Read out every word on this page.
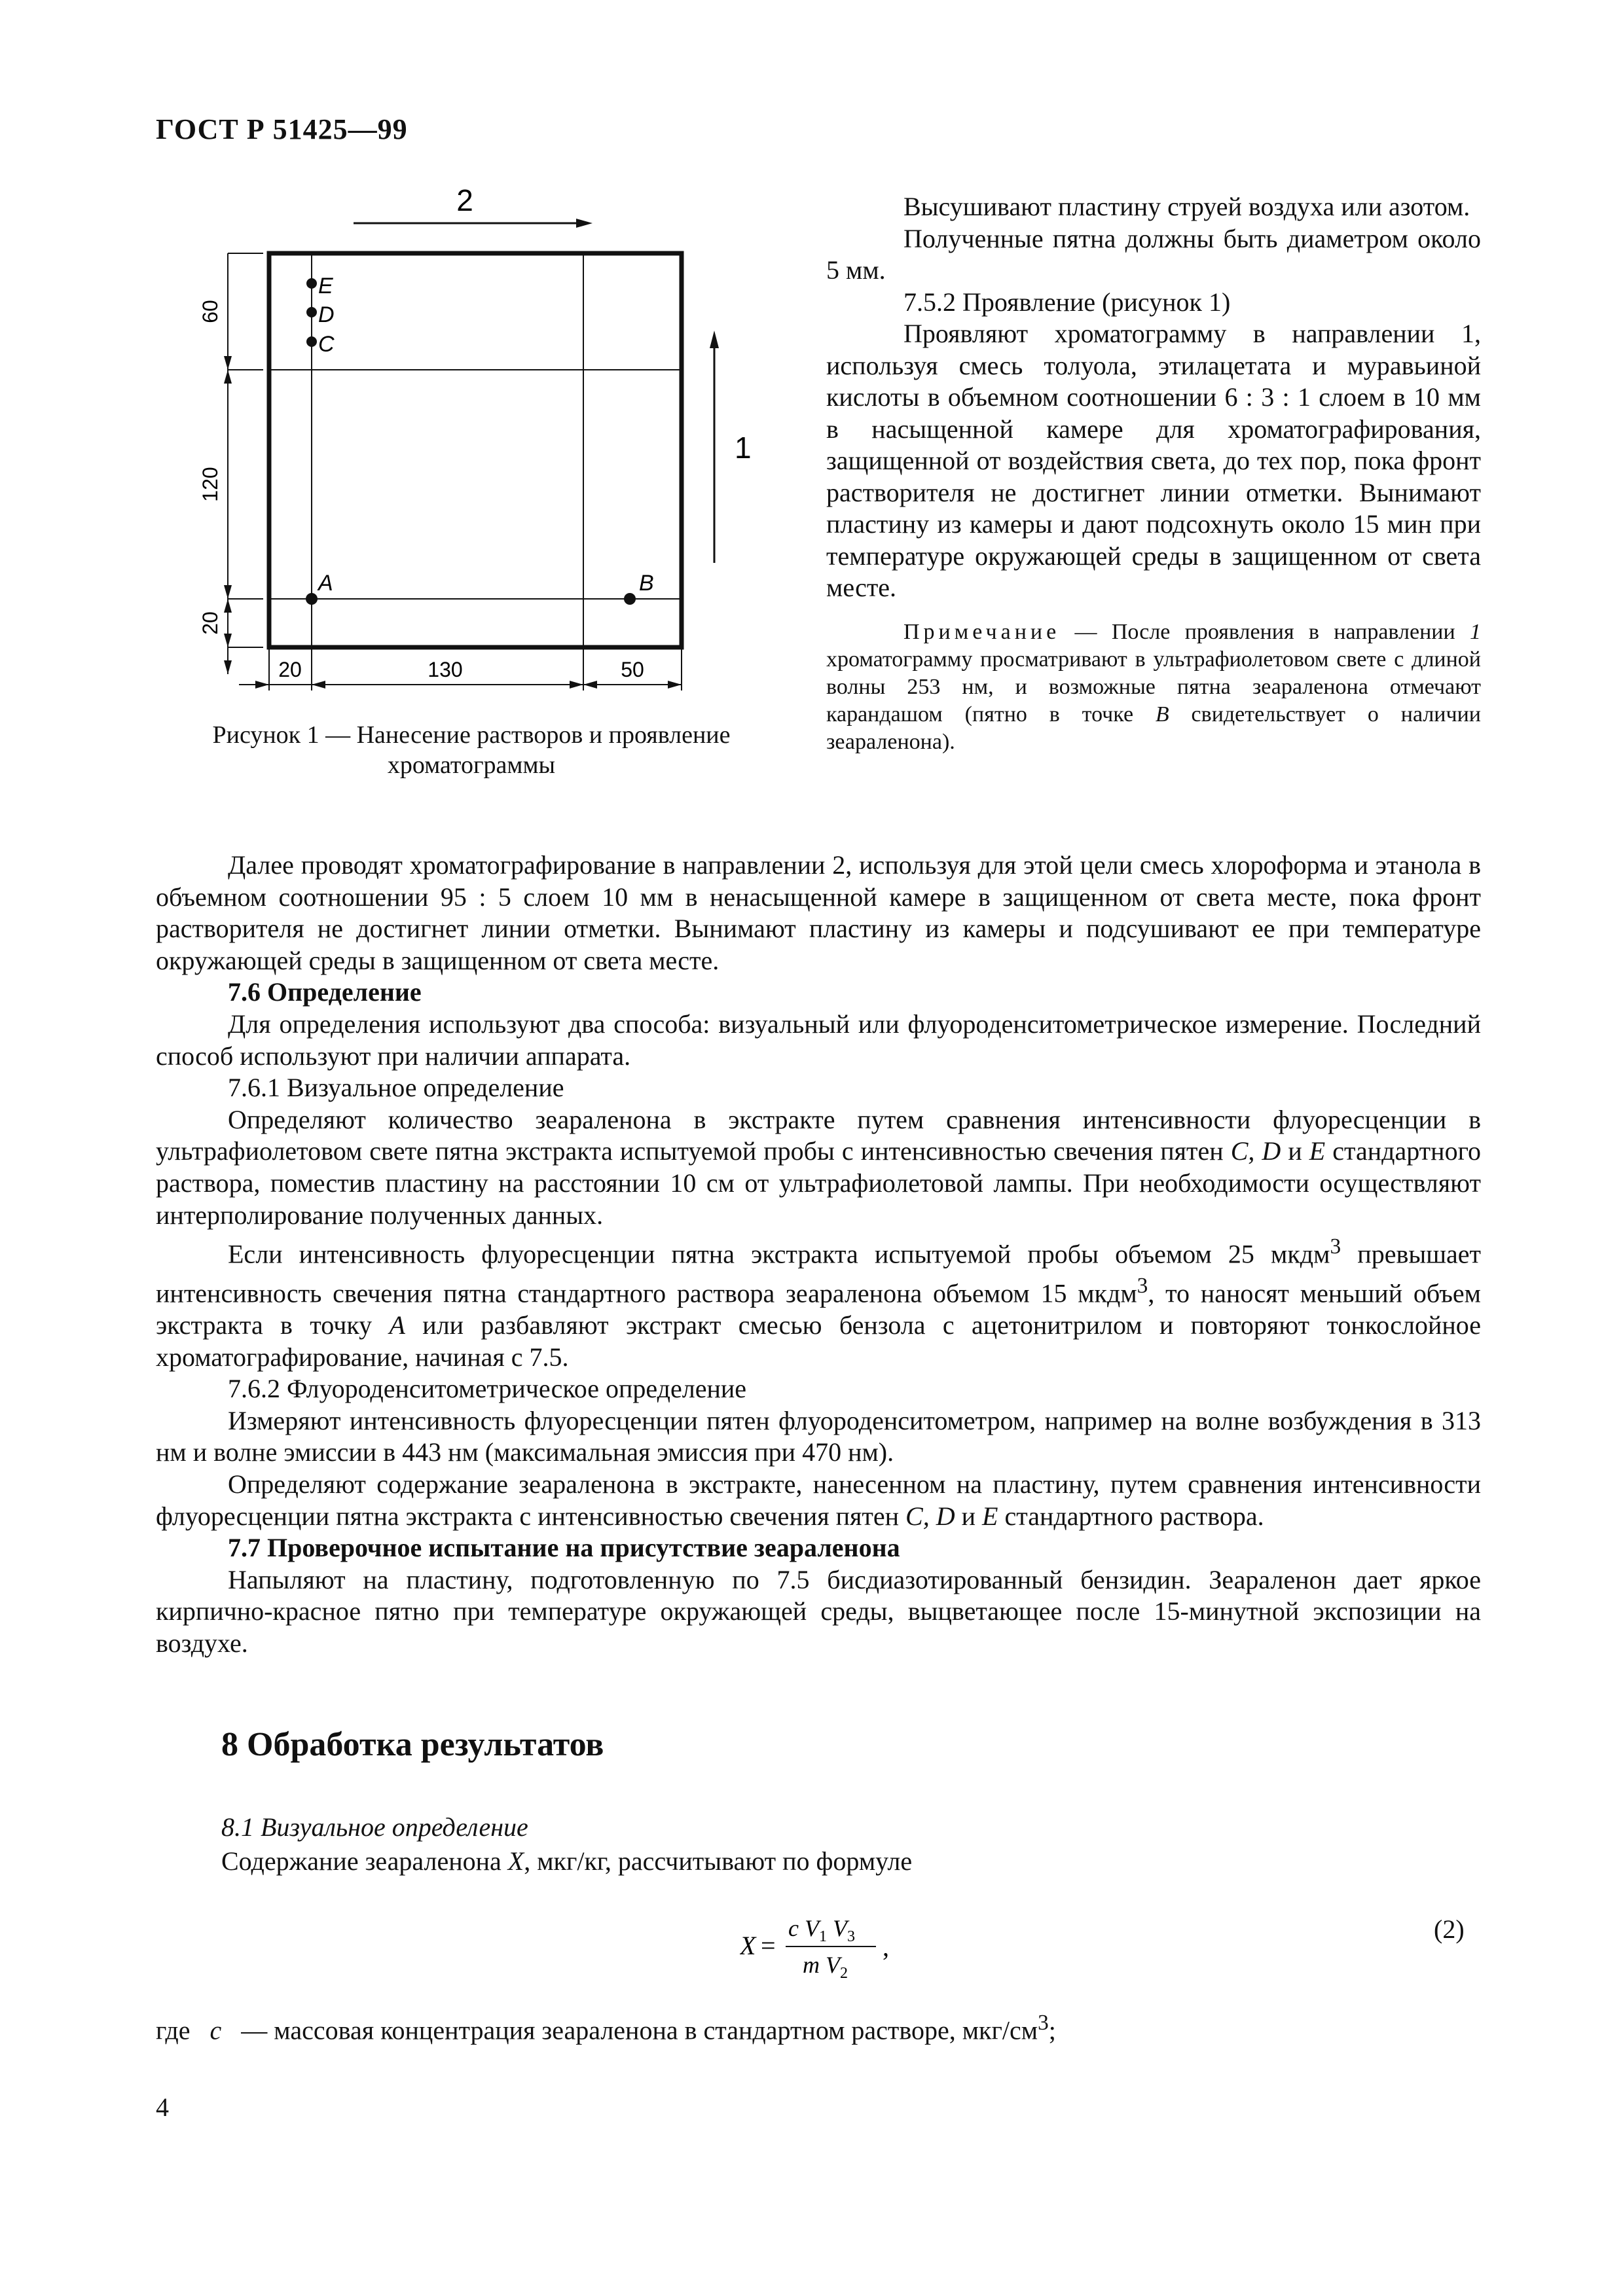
ГОСТ Р 51425—99
2
E
D
C
A	B
1
60
120
20
20	130	50
Рисунок 1 — Нанесение растворов и проявление хроматограммы

Высушивают пластину струей воздуха или азотом.

Полученные пятна должны быть диаметром около 5 мм.

7.5.2 Проявление (рисунок 1)

Проявляют хроматограмму в направлении 1, используя смесь толуола, этилацетата и муравьиной кислоты в объемном соотношении 6 : 3 : 1 слоем в 10 мм в насыщенной камере для хроматографирования, защищенной от воздействия света, до тех пор, пока фронт растворителя не достигнет линии отметки. Вынимают пластину из камеры и дают подсохнуть около 15 мин при температуре окружающей среды в защищенном от света месте.

Примечание — После проявления в направлении 1 хроматограмму просматривают в ультрафиолетовом свете с длиной волны 253 нм, и возможные пятна зеараленона отмечают карандашом (пятно в точке B свидетельствует о наличии зеараленона).

Далее проводят хроматографирование в направлении 2, используя для этой цели смесь хлороформа и этанола в объемном соотношении 95 : 5 слоем 10 мм в ненасыщенной камере в защищенном от света месте, пока фронт растворителя не достигнет линии отметки. Вынимают пластину из камеры и подсушивают ее при температуре окружающей среды в защищенном от света месте.

7.6 Определение

Для определения используют два способа: визуальный или флуороденситометрическое измерение. Последний способ используют при наличии аппарата.

7.6.1 Визуальное определение

Определяют количество зеараленона в экстракте путем сравнения интенсивности флуоресценции в ультрафиолетовом свете пятна экстракта испытуемой пробы с интенсивностью свечения пятен C, D и E стандартного раствора, поместив пластину на расстоянии 10 см от ультрафиолетовой лампы. При необходимости осуществляют интерполирование полученных данных.

Если интенсивность флуоресценции пятна экстракта испытуемой пробы объемом 25 мкдм$^3$ превышает интенсивность свечения пятна стандартного раствора зеараленона объемом 15 мкдм$^3$, то наносят меньший объем экстракта в точку A или разбавляют экстракт смесью бензола с ацетонитрилом и повторяют тонкослойное хроматографирование, начиная с 7.5.

7.6.2 Флуороденситометрическое определение

Измеряют интенсивность флуоресценции пятен флуороденситометром, например на волне возбуждения в 313 нм и волне эмиссии в 443 нм (максимальная эмиссия при 470 нм).

Определяют содержание зеараленона в экстракте, нанесенном на пластину, путем сравнения интенсивности флуоресценции пятна экстракта с интенсивностью свечения пятен C, D и E стандартного раствора.

7.7 Проверочное испытание на присутствие зеараленона

Напыляют на пластину, подготовленную по 7.5 бисдиазотированный бензидин. Зеараленон дает яркое кирпично-красное пятно при температуре окружающей среды, выцветающее после 15-минутной экспозиции на воздухе.

8 Обработка результатов
8.1 Визуальное определение
Содержание зеараленона X, мкг/кг, рассчитывают по формуле
X =
c $V_1$ $V_3$
m $V_2$
,
(2)
где c   — массовая концентрация зеараленона в стандартном растворе, мкг/$см^3$;
4
